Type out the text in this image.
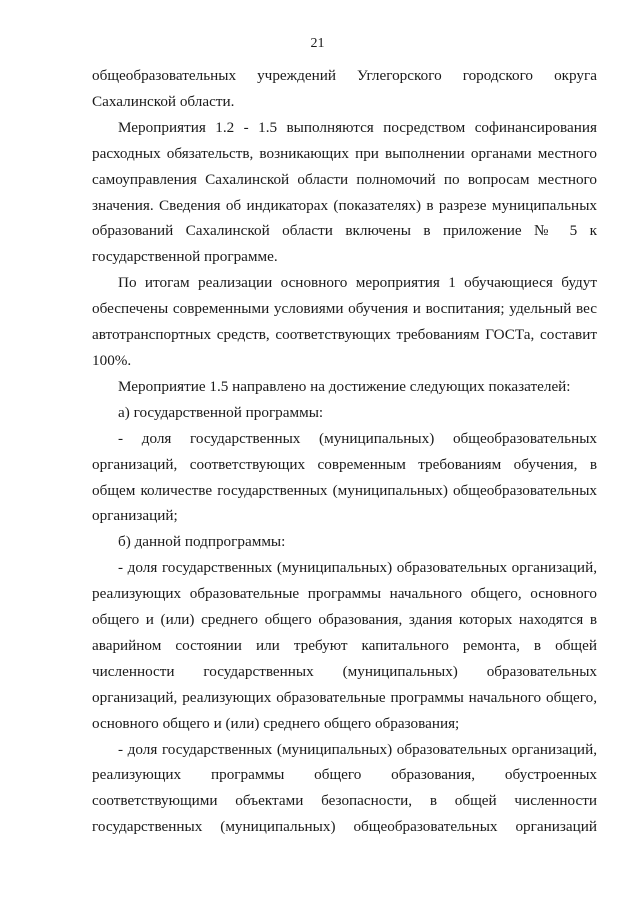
21

общеобразовательных учреждений Углегорского городского округа Сахалинской области.

Мероприятия 1.2 - 1.5 выполняются посредством софинансирования расходных обязательств, возникающих при выполнении органами местного самоуправления Сахалинской области полномочий по вопросам местного значения. Сведения об индикаторах (показателях) в разрезе муниципальных образований Сахалинской области включены в приложение № 5 к государственной программе.

По итогам реализации основного мероприятия 1 обучающиеся будут обеспечены современными условиями обучения и воспитания; удельный вес автотранспортных средств, соответствующих требованиям ГОСТа, составит 100%.

Мероприятие 1.5 направлено на достижение следующих показателей:

а) государственной программы:

- доля государственных (муниципальных) общеобразовательных организаций, соответствующих современным требованиям обучения, в общем количестве государственных (муниципальных) общеобразовательных организаций;

б) данной подпрограммы:

- доля государственных (муниципальных) образовательных организаций, реализующих образовательные программы начального общего, основного общего и (или) среднего общего образования, здания которых находятся в аварийном состоянии или требуют капитального ремонта, в общей численности государственных (муниципальных) образовательных организаций, реализующих образовательные программы начального общего, основного общего и (или) среднего общего образования;

- доля государственных (муниципальных) образовательных организаций, реализующих программы общего образования, обустроенных соответствующими объектами безопасности, в общей численности государственных (муниципальных) общеобразовательных организаций
